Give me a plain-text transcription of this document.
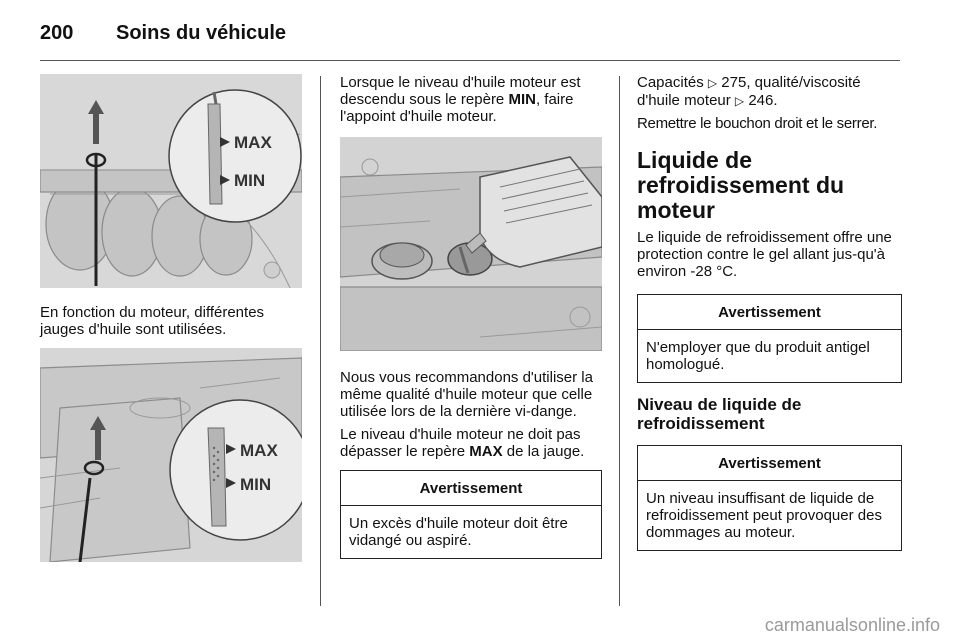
200 Soins du véhicule
MAX
MIN

En fonction du moteur, différentes jauges d'huile sont utilisées.

MAX
MIN

Lorsque le niveau d'huile moteur est descendu sous le repère MIN, faire l'appoint d'huile moteur.

Nous vous recommandons d'utiliser la même qualité d'huile moteur que celle utilisée lors de la dernière vi-dange.

Le niveau d'huile moteur ne doit pas dépasser le repère MAX de la jauge.

Avertissement
Un excès d'huile moteur doit être vidangé ou aspiré.

Capacités ▷ 275, qualité/viscosité d'huile moteur ▷ 246.

Remettre le bouchon droit et le serrer.

Liquide de refroidissement du moteur

Le liquide de refroidissement offre une protection contre le gel allant jus-qu'à environ -28 °C.

Avertissement
N'employer que du produit antigel homologué.
Niveau de liquide de refroidissement
Avertissement
Un niveau insuffisant de liquide de refroidissement peut provoquer des dommages au moteur.
carmanualsonline.info
